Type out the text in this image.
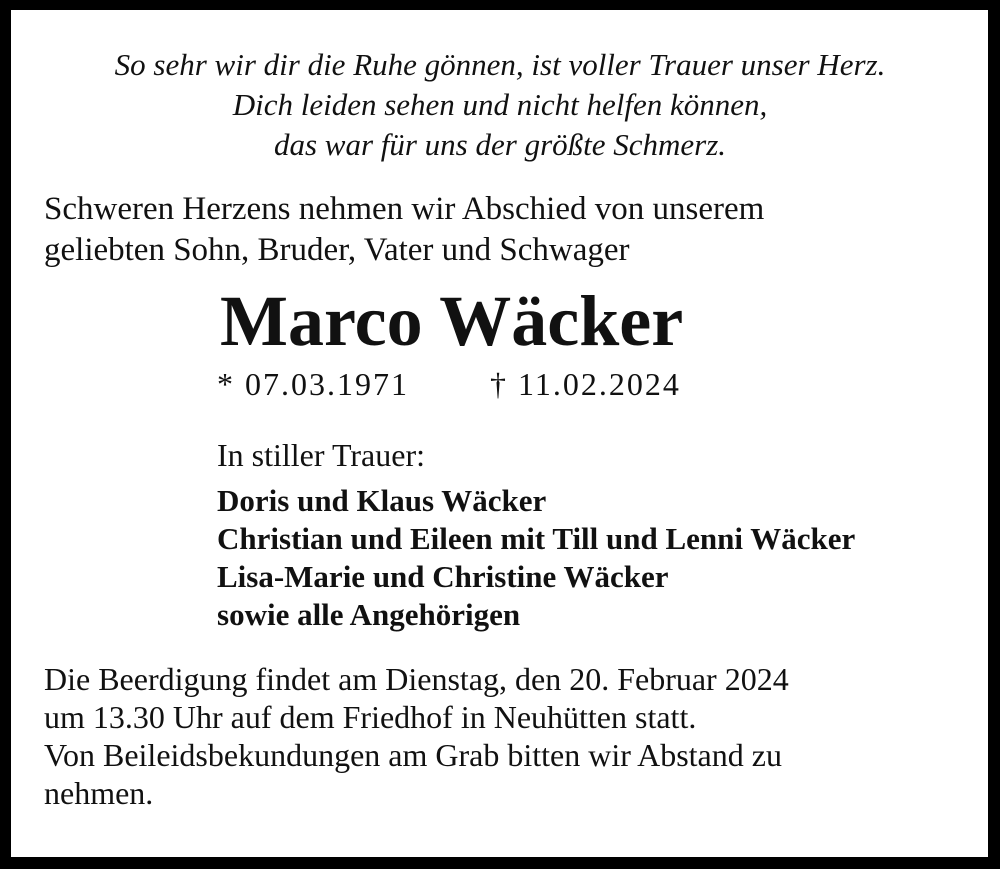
So sehr wir dir die Ruhe gönnen, ist voller Trauer unser Herz.
Dich leiden sehen und nicht helfen können,
das war für uns der größte Schmerz.
Schweren Herzens nehmen wir Abschied von unserem
geliebten Sohn, Bruder, Vater und Schwager
Marco Wäcker
* 07.03.1971	† 11.02.2024
In stiller Trauer:
Doris und Klaus Wäcker
Christian und Eileen mit Till und Lenni Wäcker
Lisa-Marie und Christine Wäcker
sowie alle Angehörigen
Die Beerdigung findet am Dienstag, den 20. Februar 2024
um 13.30 Uhr auf dem Friedhof in Neuhütten statt.
Von Beileidsbekundungen am Grab bitten wir Abstand zu
nehmen.
